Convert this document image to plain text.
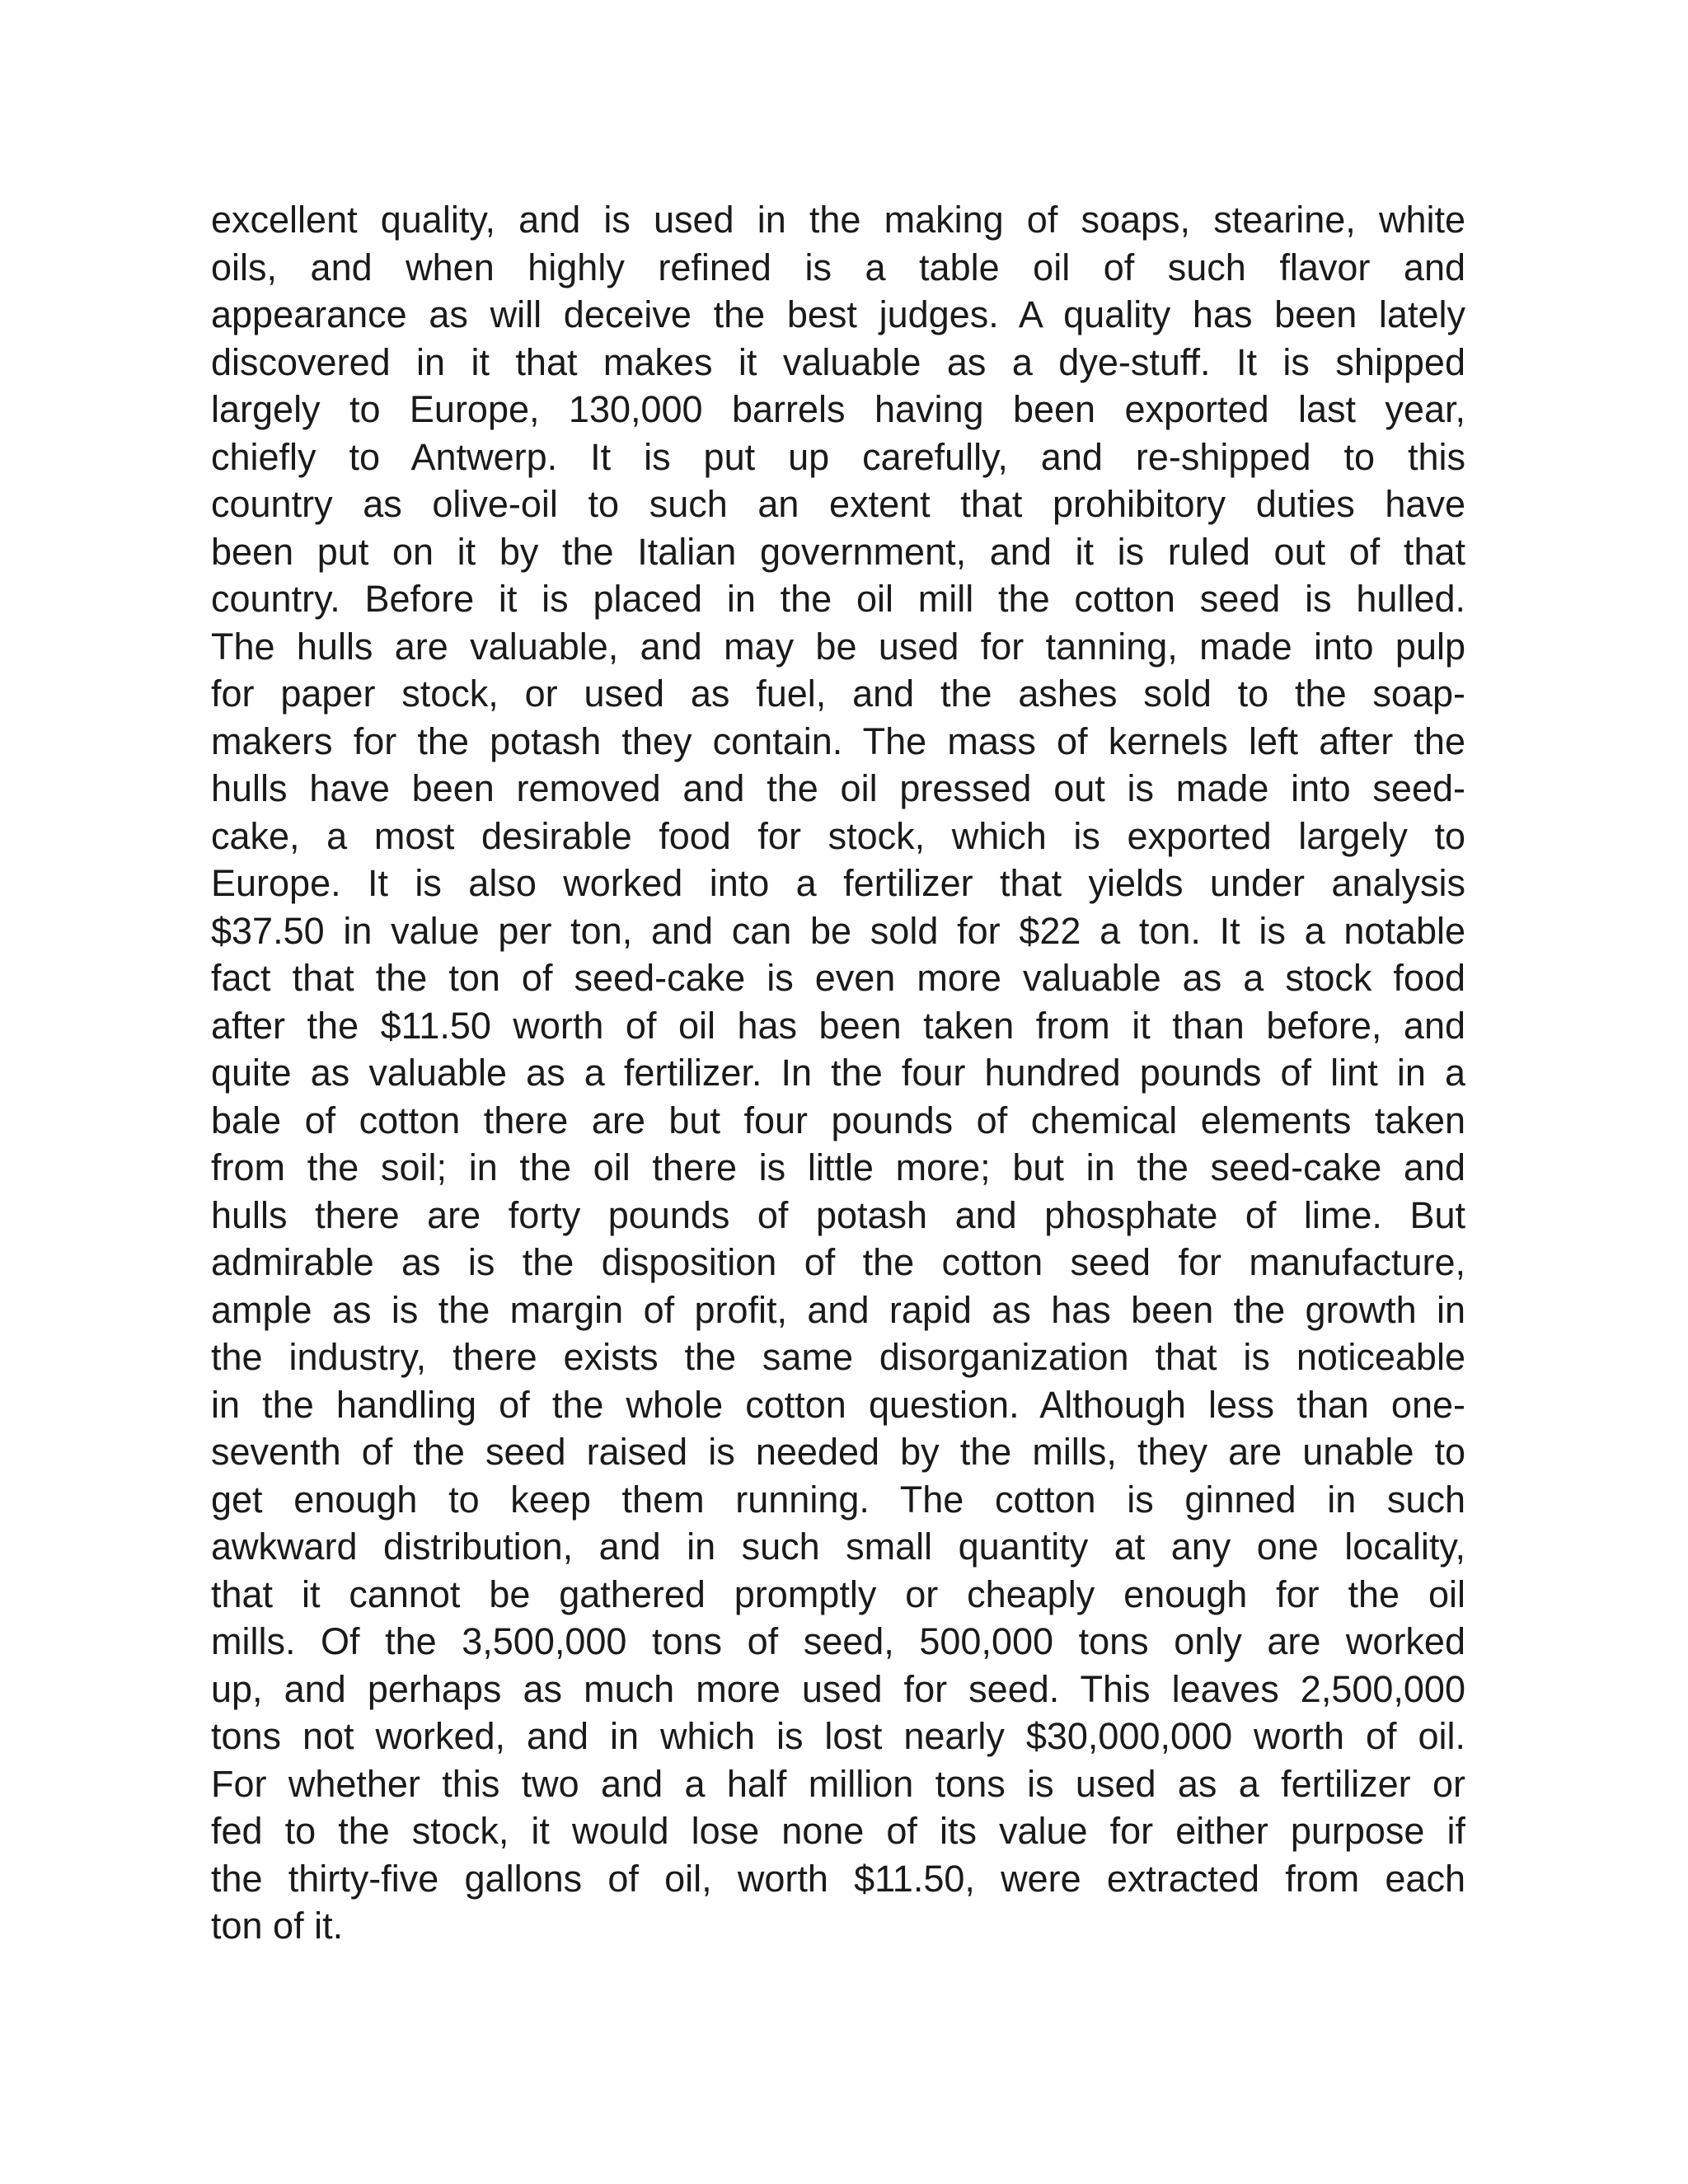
excellent quality, and is used in the making of soaps, stearine, white
oils, and when highly refined is a table oil of such flavor and
appearance as will deceive the best judges. A quality has been lately
discovered in it that makes it valuable as a dye-stuff. It is shipped
largely to Europe, 130,000 barrels having been exported last year,
chiefly to Antwerp. It is put up carefully, and re-shipped to this
country as olive-oil to such an extent that prohibitory duties have
been put on it by the Italian government, and it is ruled out of that
country. Before it is placed in the oil mill the cotton seed is hulled.
The hulls are valuable, and may be used for tanning, made into pulp
for paper stock, or used as fuel, and the ashes sold to the soap-
makers for the potash they contain. The mass of kernels left after the
hulls have been removed and the oil pressed out is made into seed-
cake, a most desirable food for stock, which is exported largely to
Europe. It is also worked into a fertilizer that yields under analysis
$37.50 in value per ton, and can be sold for $22 a ton. It is a notable
fact that the ton of seed-cake is even more valuable as a stock food
after the $11.50 worth of oil has been taken from it than before, and
quite as valuable as a fertilizer. In the four hundred pounds of lint in a
bale of cotton there are but four pounds of chemical elements taken
from the soil; in the oil there is little more; but in the seed-cake and
hulls there are forty pounds of potash and phosphate of lime. But
admirable as is the disposition of the cotton seed for manufacture,
ample as is the margin of profit, and rapid as has been the growth in
the industry, there exists the same disorganization that is noticeable
in the handling of the whole cotton question. Although less than one-
seventh of the seed raised is needed by the mills, they are unable to
get enough to keep them running. The cotton is ginned in such
awkward distribution, and in such small quantity at any one locality,
that it cannot be gathered promptly or cheaply enough for the oil
mills. Of the 3,500,000 tons of seed, 500,000 tons only are worked
up, and perhaps as much more used for seed. This leaves 2,500,000
tons not worked, and in which is lost nearly $30,000,000 worth of oil.
For whether this two and a half million tons is used as a fertilizer or
fed to the stock, it would lose none of its value for either purpose if
the thirty-five gallons of oil, worth $11.50, were extracted from each
ton of it.
